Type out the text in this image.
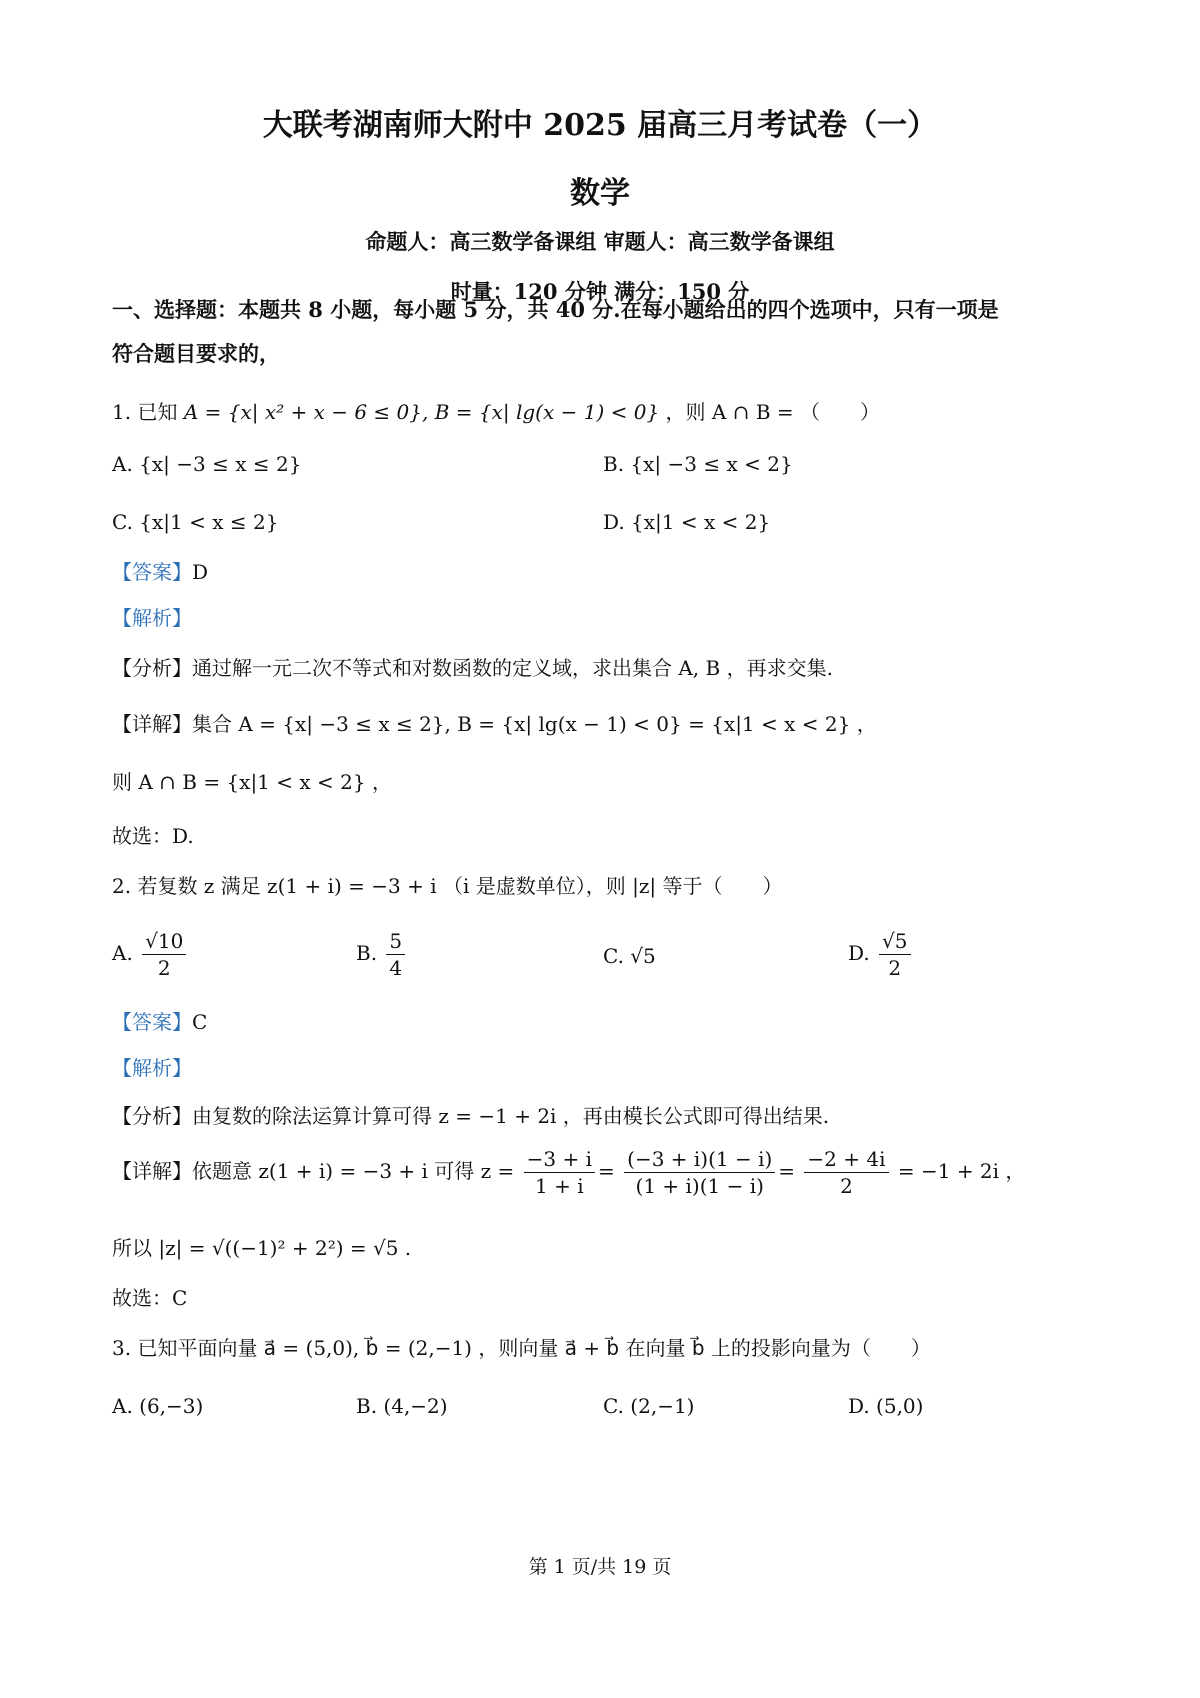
大联考湖南师大附中 2025 届高三月考试卷（一）
数学
命题人：高三数学备课组 审题人：高三数学备课组
时量：120 分钟 满分：150 分
一、选择题：本题共 8 小题，每小题 5 分，共 40 分.在每小题给出的四个选项中，只有一项是
符合题目要求的，
1. 已知 A = {x| x² + x − 6 ≤ 0}, B = {x| lg(x − 1) < 0} ，则 A ∩ B = （　　）
A. {x| −3 ≤ x ≤ 2}	B. {x| −3 ≤ x < 2}
C. {x|1 < x ≤ 2}	D. {x|1 < x < 2}
【答案】D
【解析】
【分析】通过解一元二次不等式和对数函数的定义域，求出集合 A, B ，再求交集.
【详解】集合 A = {x| −3 ≤ x ≤ 2}, B = {x| lg(x − 1) < 0} = {x|1 < x < 2} ，
则 A ∩ B = {x|1 < x < 2} ，
故选：D.
2. 若复数 z 满足 z(1 + i) = −3 + i （i 是虚数单位），则 |z| 等于（　　）
A. $\frac{√10}{2}$	B. $\frac{5}{4}$	C. √5	D. $\frac{√5}{2}$
【答案】C
【解析】
【分析】由复数的除法运算计算可得 z = −1 + 2i ，再由模长公式即可得出结果.
【详解】依题意 z(1 + i) = −3 + i 可得 $z = \frac{-3 + i}{1 + i} = \frac{(-3 + i)(1 - i)}{(1 + i)(1 - i)} = \frac{-2 + 4i}{2} = -1 + 2i$ ，
所以 |z| = √((−1)² + 2²) = √5 .
故选：C
3. 已知平面向量 a⃗ = (5,0), b⃗ = (2,−1) ，则向量 a⃗ + b⃗ 在向量 b⃗ 上的投影向量为（　　）
A. (6,−3)	B. (4,−2)	C. (2,−1)	D. (5,0)
第 1 页/共 19 页
